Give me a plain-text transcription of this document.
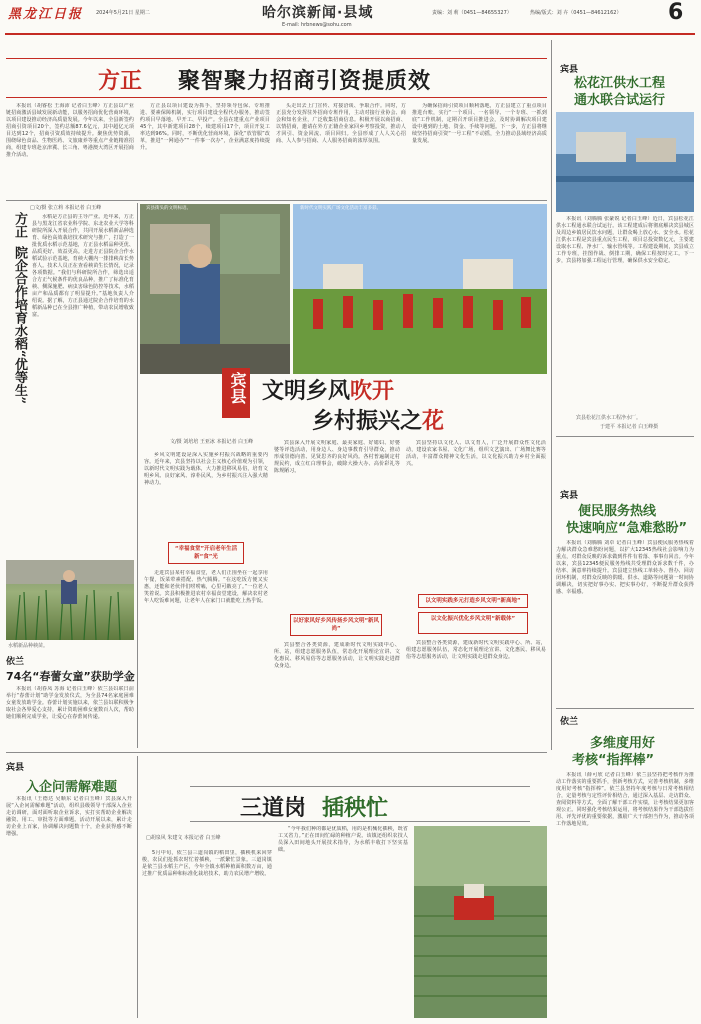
黑龙江日报	2024年5月21日 星期二	哈尔滨新闻·县域
E-mail: hrbnews@sohu.com
责编：刘 莉（0451—84655327）	热编/版式：刘 卉（0451—84612162） 6
方正 聚智聚力招商引资提质效

本报讯（胡睿松 王海沛 记者白玉峰）方正县以产业链招商激活县域发展新动能，以服务招商优化营商环境，以项目建设推动经济高质量发展。今年以来，全县新签约招商引资项目20个，签约总额87.6亿元，其中超亿元项目达到12个，招商引资质效持续提升。聚焦优势资源，围绕绿色食品、生物医药、文旅康养等重点产业链精准招商，组建专班赴京津冀、长三角、粤港澳大湾区开展招商推介活动。

方正县以项目建设为抓手，坚持领导包保、专班推进、要素保障机制，实行项目建设全程代办服务，推动签约项目早落地、早开工、早投产。全县在建重点产业项目45个，其中新建项目28个，续建项目17个，项目开复工率达到96%。同时，不断优化营商环境，深化“放管服”改革，推进“一网通办”“一件事一次办”，企业满意度持续提升。

头走出去上门宣传、对接洽谈、争取合作。同时，方正县充分发挥驻外招商专班作用，主动对接行业协会、商会和知名企业，广泛收集招商信息。积极开展以商招商、以情招商，邀请在外方正籍企业家回乡考察投资，推动人才回引、资金回流、项目回归。全县形成了人人关心招商、人人参与招商、人人服务招商的浓厚氛围。

为确保招商引资项目顺利落地，方正县建立了重点项目推进台账，实行“一个项目、一名领导、一个专班、一抓到底”工作机制，定期召开项目推进会，及时协调解决项目建设中遇到的土地、资金、手续等问题。下一步，方正县将继续坚持招商引资“一号工程”不动摇，全力推动县域经济高质量发展。

□文/摄 张立莉 本报记者 白玉峰
方正
院企合作培育水稻“优等生”

水稻是方正县的主导产业。近年来，方正县与黑龙江省农业科学院、东北农业大学等科研院所深入开展合作，共同开展水稻新品种选育、绿色高效栽培技术研究与推广，打造了一批优质水稻示范基地，方正县水稻品种更优、品质更好、效益更高。走进方正县院企合作水稻试验示范基地，育秧大棚内一排排秧苗长势喜人。技术人员正在查看秧苗生长情况，记录各项数据。“我们与科研院所合作，筛选出适合方正气候条件的优良品种，推广了标准化育秧、侧深施肥、病虫害绿色防控等技术，水稻亩产和品质都有了明显提升。”基地负责人介绍说。据了解，方正县通过院企合作培育的水稻新品种已在全县推广种植，带动农民增收致富。

水稻新品种秧苗。
依兰
74名“春蕾女童”获助学金

本报讯（胡春凤 苏海 记者白玉峰）依兰县妇联日前举行“春蕾计划”助学金发放仪式，为全县74名家庭困难女童发放助学金。春蕾计划实施以来，依兰县妇联积极争取社会各界爱心支持，累计资助困难女童数百人次，帮助她们顺利完成学业，让爱心在春蕾间传递。

宾县街头的文明标语。	新时代文明实践广场文化活动丰富多彩。
宾县 文明乡风吹开
乡村振兴之花
文/摄 刘培培 王亚冰 本报记者 白玉峰

乡风文明建设是深入实施乡村振兴战略的重要内容。近年来，宾县坚持以社会主义核心价值观为引领，以新时代文明实践为载体，大力推进移风易俗，培育文明乡风、良好家风、淳朴民风，为乡村振兴注入强大精神动力。

“幸福食堂”开启老年生活新“食”光

走进宾县某村幸福食堂，老人们正围坐在一起享用午餐，饭菜荤素搭配、热气腾腾。“在这吃饭方便又实惠，还能和老伙伴们唠唠嗑，心里可敞亮了。”一位老人笑着说。宾县积极推进农村幸福食堂建设，解决农村老年人吃饭难问题，让老年人在家门口就能吃上热乎饭。

宾县深入开展文明家庭、最美家庭、好媳妇、好婆婆等评选活动，用身边人、身边事教育引导群众，推动形成崇德向善、见贤思齐的良好风尚。各村普遍制定村规民约，成立红白理事会，破除大操大办、高价彩礼等陈规陋习。

以好家风好乡风传扬乡风文明“新风尚”

宾县整合各类资源，建成新时代文明实践中心、所、站，组建志愿服务队伍，常态化开展理论宣讲、文化惠民、移风易俗等志愿服务活动，让文明实践走进群众身边。

宾县坚持以文化人、以文育人，广泛开展群众性文化活动，建设农家书屋、文化广场，组织文艺演出、广场舞比赛等活动，丰富群众精神文化生活，以文化振兴助力乡村全面振兴。

以文明实践多元打造乡风文明“新高地”
以文化振兴优化乡风文明“新载体”

宾县整合各类资源，建成新时代文明实践中心、所、站，组建志愿服务队伍，常态化开展理论宣讲、文化惠民、移风易俗等志愿服务活动，让文明实践走进群众身边。

宾县
松花江供水工程
通水联合试运行

本报讯（刘腾腾 张豪锐 记者白玉峰）近日，宾县松花江供水工程通水联合试运行。该工程建成后将彻底解决宾县城区及周边乡镇居民饮水问题，让群众喝上放心水、安全水。松花江供水工程是宾县重点民生工程，项目总投资数亿元，主要建设取水工程、净水厂、输水管线等。工程建设期间，宾县成立工作专班，挂图作战、倒排工期，确保工程按时完工。下一步，宾县将加强工程运行管理，确保供水安全稳定。

宾县松花江供水工程净水厂。
于建平 本报记者 白玉峰摄
宾县
便民服务热线
快速响应“急难愁盼”

本报讯（刘腾腾 刘卓 记者白玉峰）宾县便民服务热线着力解决群众急难愁盼问题，以扩大12345热线社会影响力为重点，对群众反映的诉求做到件件有着落、事事有回音。今年以来，宾县12345便民服务热线共受理群众诉求数千件，办结率、满意率持续提升。宾县建立热线工单转办、督办、回访闭环机制，对群众反映的供暖、供水、道路等问题第一时间协调解决，切实把好事办实、把实事办好，不断提升群众获得感、幸福感。

依兰
多维度用好
考核“指挥棒”

本报讯（薛可欣 记者白玉峰）依兰县坚持把考核作为推动工作落实的重要抓手，创新考核方式，完善考核机制，多维度用好考核“指挥棒”。依兰县坚持年度考核与日常考核相结合，定量考核与定性评价相结合，通过深入基层、走访群众、查阅资料等方式，全面了解干部工作实绩，让考核结果更加客观公正。同时强化考核结果运用，将考核结果作为干部选拔任用、评先评优的重要依据，激励广大干部担当作为，推动各项工作落地见效。

宾县
入企问需解难题

本报讯（王德达 吴顺东 记者白玉峰）宾县深入开展“入企问需解难题”活动，组织县级领导干部深入企业走访调研，面对面听取企业诉求，实打实帮助企业解决融资、用工、审批等方面难题。活动开展以来，累计走访企业上百家，协调解决问题数十个，企业获得感不断增强。

三道岗 插秧忙
□胡泉风 朱建文 本报记者 白玉峰

5月中旬，依兰县三道岗镇的稻田里，插秧机来回穿梭，农民们抢抓农时忙着插秧，一派繁忙景象。三道岗镇是依兰县水稻主产区，今年全镇水稻种植面积数万亩，通过推广优质品种和标准化栽培技术，助力农民增产增收。

“今年我们种的都是优质稻，用的是机械化插秧，既省工又省力。”正在田间忙碌的种植户说。该镇还组织农技人员深入田间地头开展技术指导，为水稻丰收打下坚实基础。
